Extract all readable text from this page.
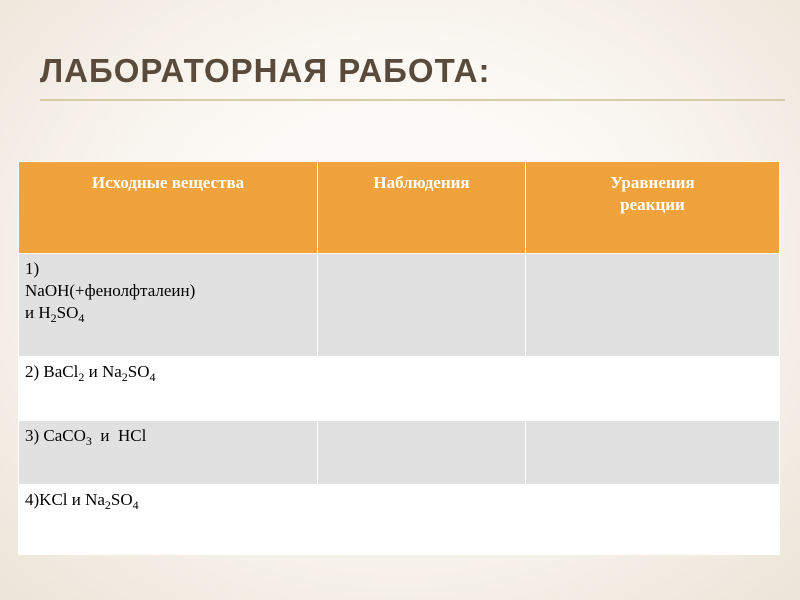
ЛАБОРАТОРНАЯ РАБОТА:
Исходные вещества	Наблюдения	Уравнения реакции

1)
NaOH(+фенолфталеин)
и $H_2SO_4$

2) BaCl$_2$ и $Na_2SO_4$		
3) CaCO$_3$  и  HCl		
4)KCl и $Na_2SO_4$		
